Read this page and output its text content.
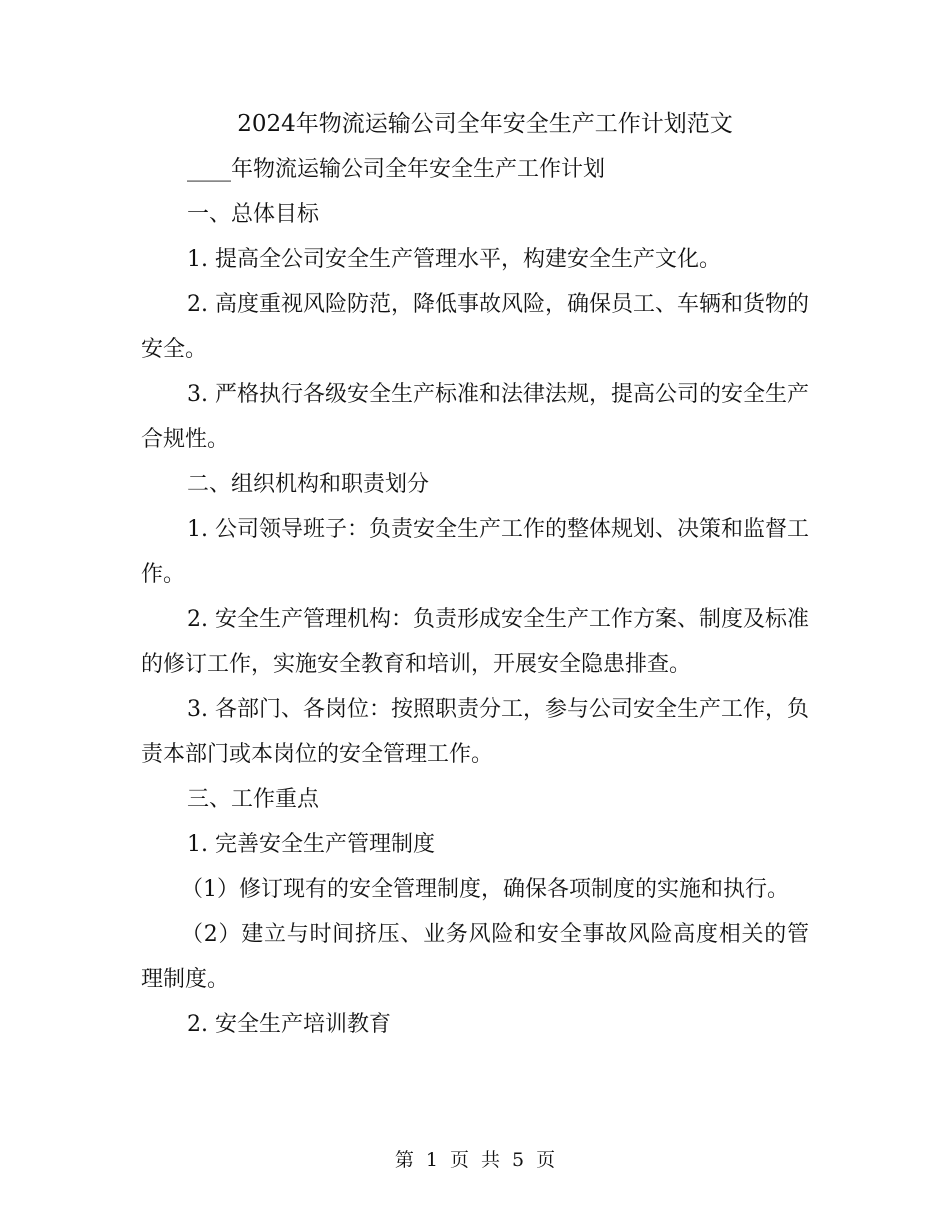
2024年物流运输公司全年安全生产工作计划范文

____年物流运输公司全年安全生产工作计划

一、总体目标

1. 提高全公司安全生产管理水平，构建安全生产文化。

2. 高度重视风险防范，降低事故风险，确保员工、车辆和货物的安全。

3. 严格执行各级安全生产标准和法律法规，提高公司的安全生产合规性。

二、组织机构和职责划分

1. 公司领导班子：负责安全生产工作的整体规划、决策和监督工作。

2. 安全生产管理机构：负责形成安全生产工作方案、制度及标准的修订工作，实施安全教育和培训，开展安全隐患排查。

3. 各部门、各岗位：按照职责分工，参与公司安全生产工作，负责本部门或本岗位的安全管理工作。

三、工作重点

1. 完善安全生产管理制度

（1）修订现有的安全管理制度，确保各项制度的实施和执行。

（2）建立与时间挤压、业务风险和安全事故风险高度相关的管理制度。

2. 安全生产培训教育

第 1 页 共 5 页
